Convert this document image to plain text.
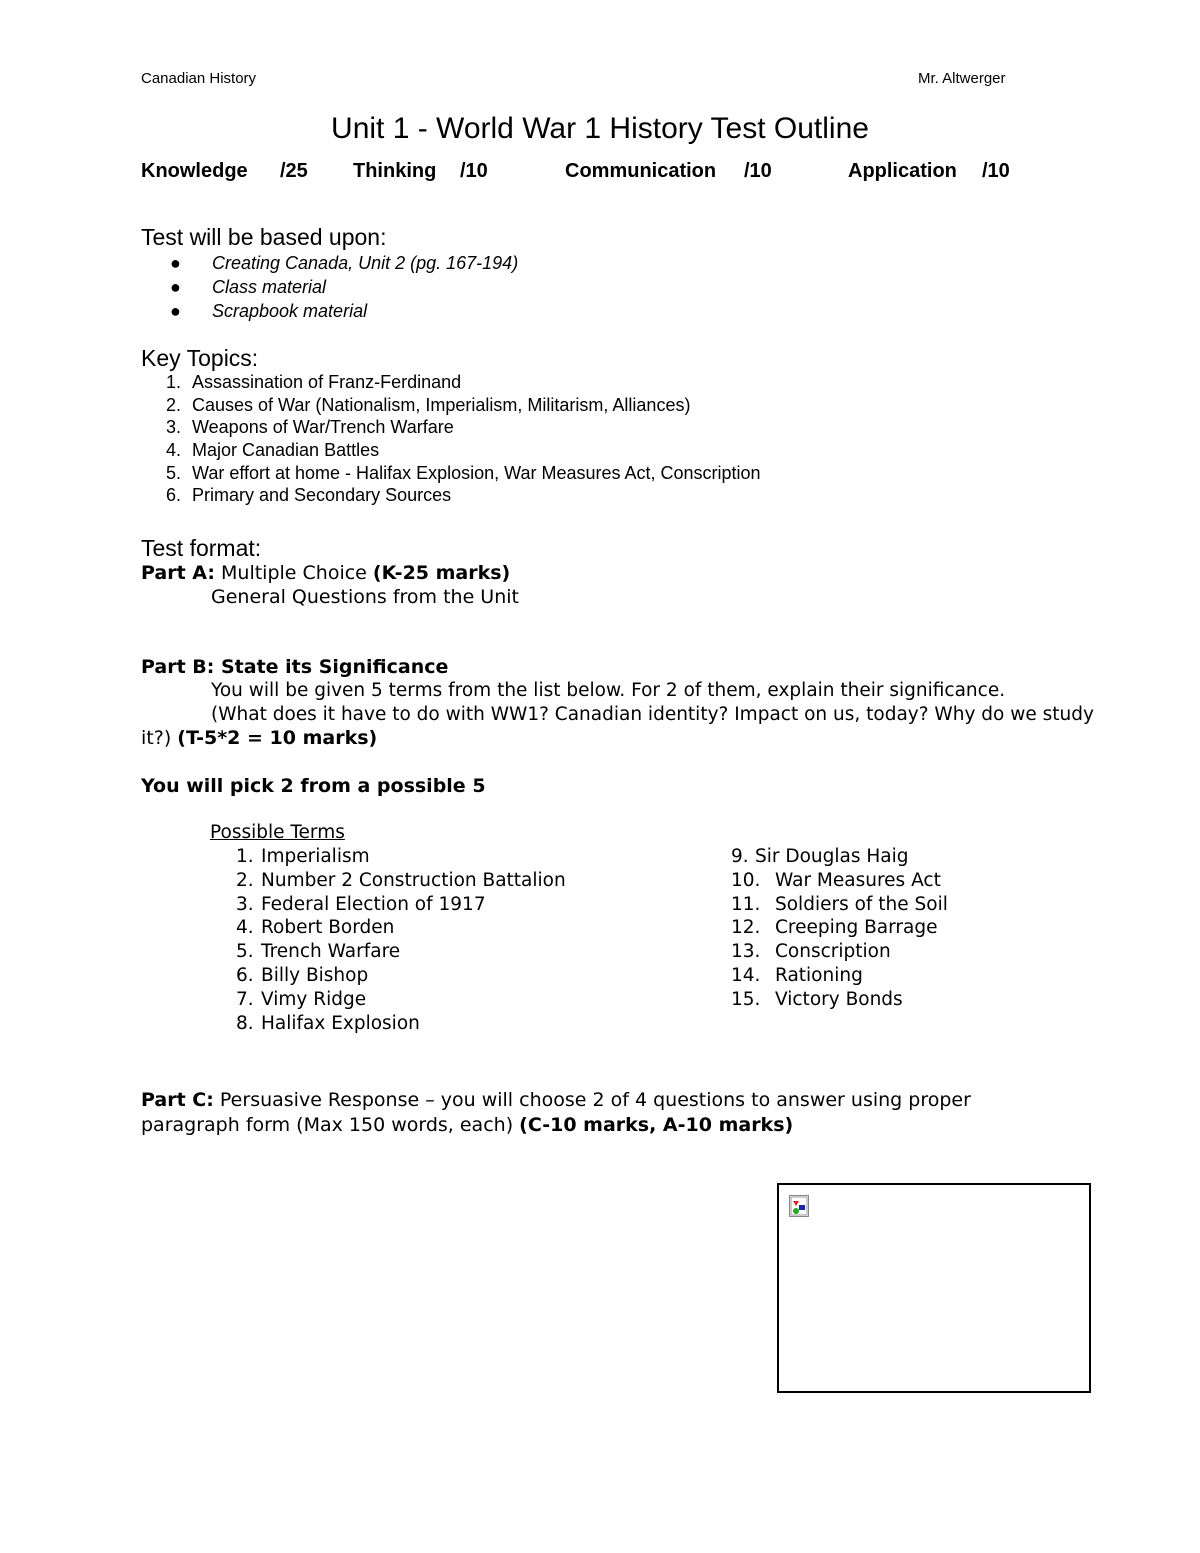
Canadian History	Mr. Altwerger
Unit 1 - World War 1 History Test Outline
Knowledge /25 Thinking /10	Communication /10	Application /10
Test will be based upon:
● Creating Canada, Unit 2 (pg. 167-194)
● Class material
● Scrapbook material
Key Topics:
1. Assassination of Franz-Ferdinand
2. Causes of War (Nationalism, Imperialism, Militarism, Alliances)
3. Weapons of War/Trench Warfare
4. Major Canadian Battles
5. War effort at home - Halifax Explosion, War Measures Act, Conscription
6. Primary and Secondary Sources
Test format:
Part A: Multiple Choice (K-25 marks)
General Questions from the Unit
Part B: State its Significance
You will be given 5 terms from the list below. For 2 of them, explain their significance.
(What does it have to do with WW1? Canadian identity? Impact on us, today? Why do we study
it?) (T-5*2 = 10 marks)
You will pick 2 from a possible 5
Possible Terms
1. Imperialism
2. Number 2 Construction Battalion
3. Federal Election of 1917
4. Robert Borden
5. Trench Warfare
6. Billy Bishop
7. Vimy Ridge
8. Halifax Explosion
9. Sir Douglas Haig
10. War Measures Act
11. Soldiers of the Soil
12. Creeping Barrage
13. Conscription
14. Rationing
15. Victory Bonds
Part C: Persuasive Response – you will choose 2 of 4 questions to answer using proper
paragraph form (Max 150 words, each) (C-10 marks, A-10 marks)
